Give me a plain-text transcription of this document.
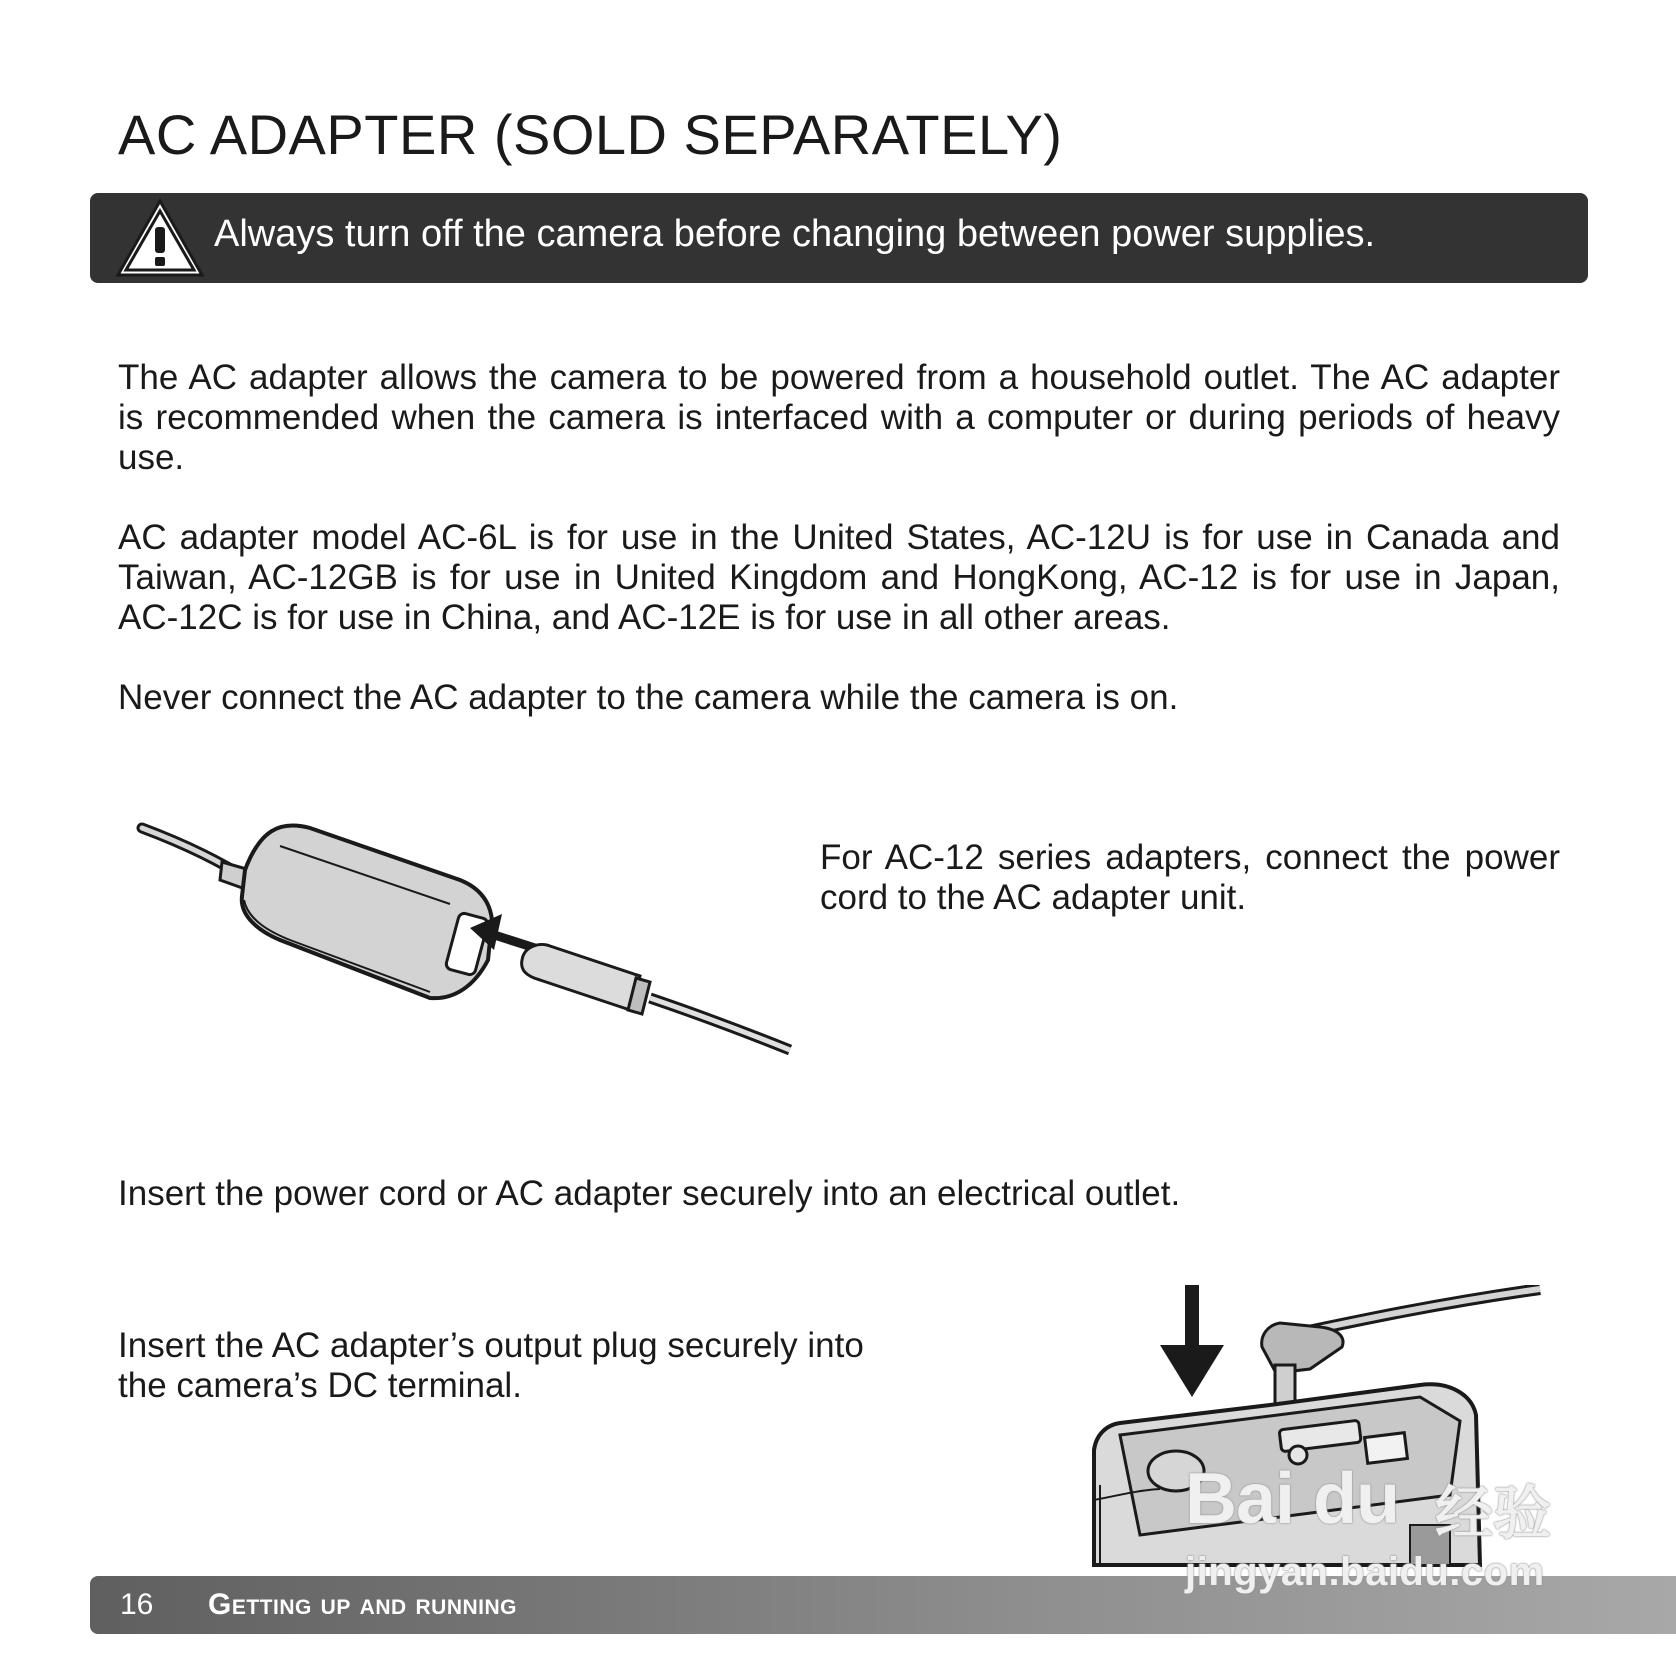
AC ADAPTER (SOLD SEPARATELY)
Always turn off the camera before changing between power supplies.

The AC adapter allows the camera to be powered from a household outlet. The AC adapter is recommended when the camera is interfaced with a computer or during periods of heavy use.

AC adapter model AC-6L is for use in the United States, AC-12U is for use in Canada and Taiwan, AC-12GB is for use in United Kingdom and HongKong, AC-12 is for use in Japan, AC-12C is for use in China, and AC-12E is for use in all other areas.

Never connect the AC adapter to the camera while the camera is on.

For AC-12 series adapters, connect the power cord to the AC adapter unit.

Insert the power cord or AC adapter securely into an electrical outlet.

Insert the AC adapter’s output plug securely into the camera’s DC terminal.

16 Getting up and running
Bai du 经验
jingyan.baidu.com
